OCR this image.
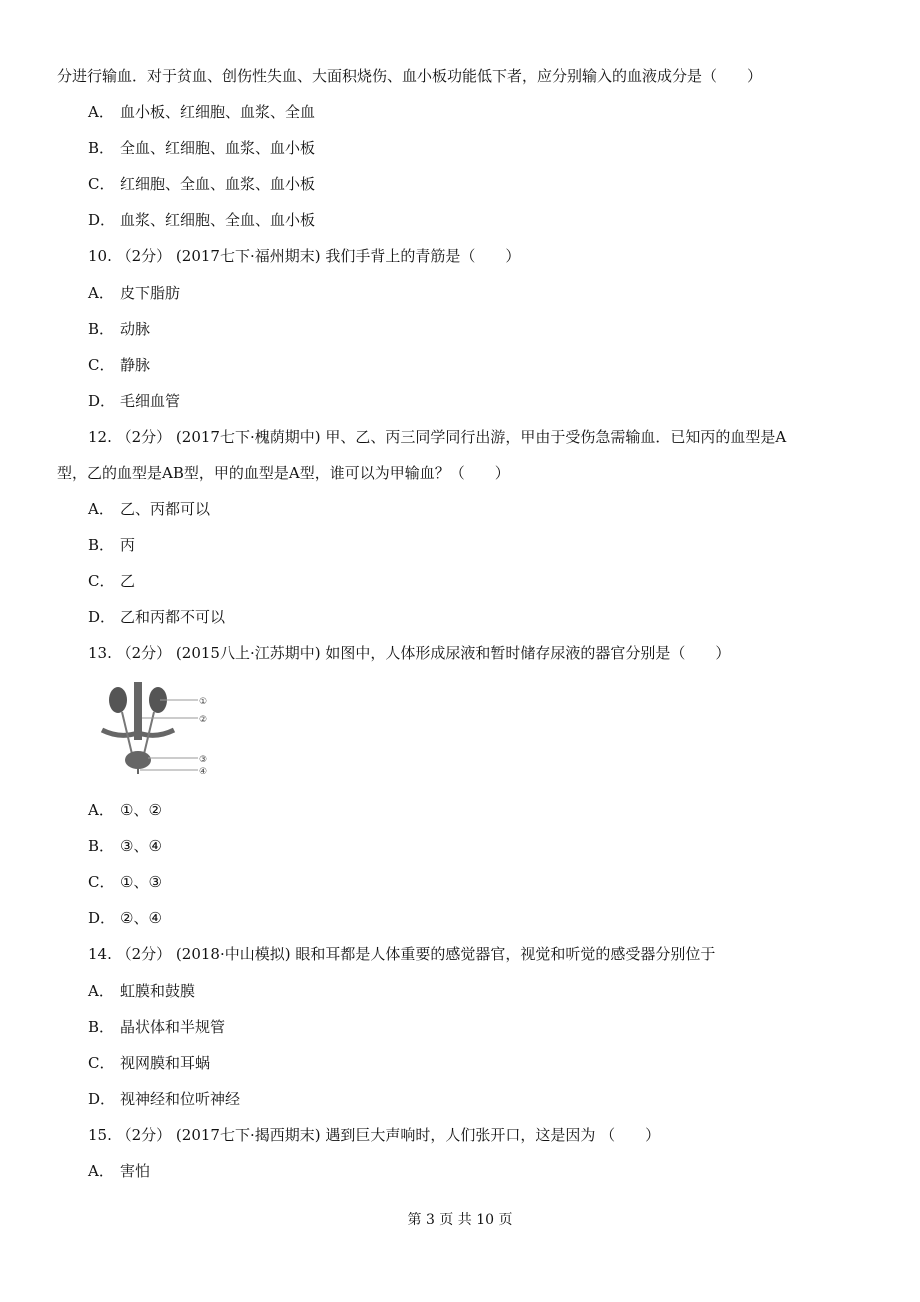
分进行输血．对于贫血、创伤性失血、大面积烧伤、血小板功能低下者，应分别输入的血液成分是（　　）
A． 血小板、红细胞、血浆、全血
B． 全血、红细胞、血浆、血小板
C． 红细胞、全血、血浆、血小板
D． 血浆、红细胞、全血、血小板
10. （2分） (2017七下·福州期末) 我们手背上的青筋是（　　）
A． 皮下脂肪
B． 动脉
C． 静脉
D． 毛细血管
12. （2分） (2017七下·槐荫期中) 甲、乙、丙三同学同行出游，甲由于受伤急需输血．已知丙的血型是A
型，乙的血型是AB型，甲的血型是A型，谁可以为甲输血？（　　）
A． 乙、丙都可以
B． 丙
C． 乙
D． 乙和丙都不可以
13. （2分） (2015八上·江苏期中) 如图中，人体形成尿液和暂时储存尿液的器官分别是（　　）
①
②
③
④
A． ①、②
B． ③、④
C． ①、③
D． ②、④
14. （2分） (2018·中山模拟) 眼和耳都是人体重要的感觉器官，视觉和听觉的感受器分别位于
A． 虹膜和鼓膜
B． 晶状体和半规管
C． 视网膜和耳蜗
D． 视神经和位听神经
15. （2分） (2017七下·揭西期末) 遇到巨大声响时，人们张开口，这是因为 （　　）
A． 害怕
第 3 页 共 10 页
